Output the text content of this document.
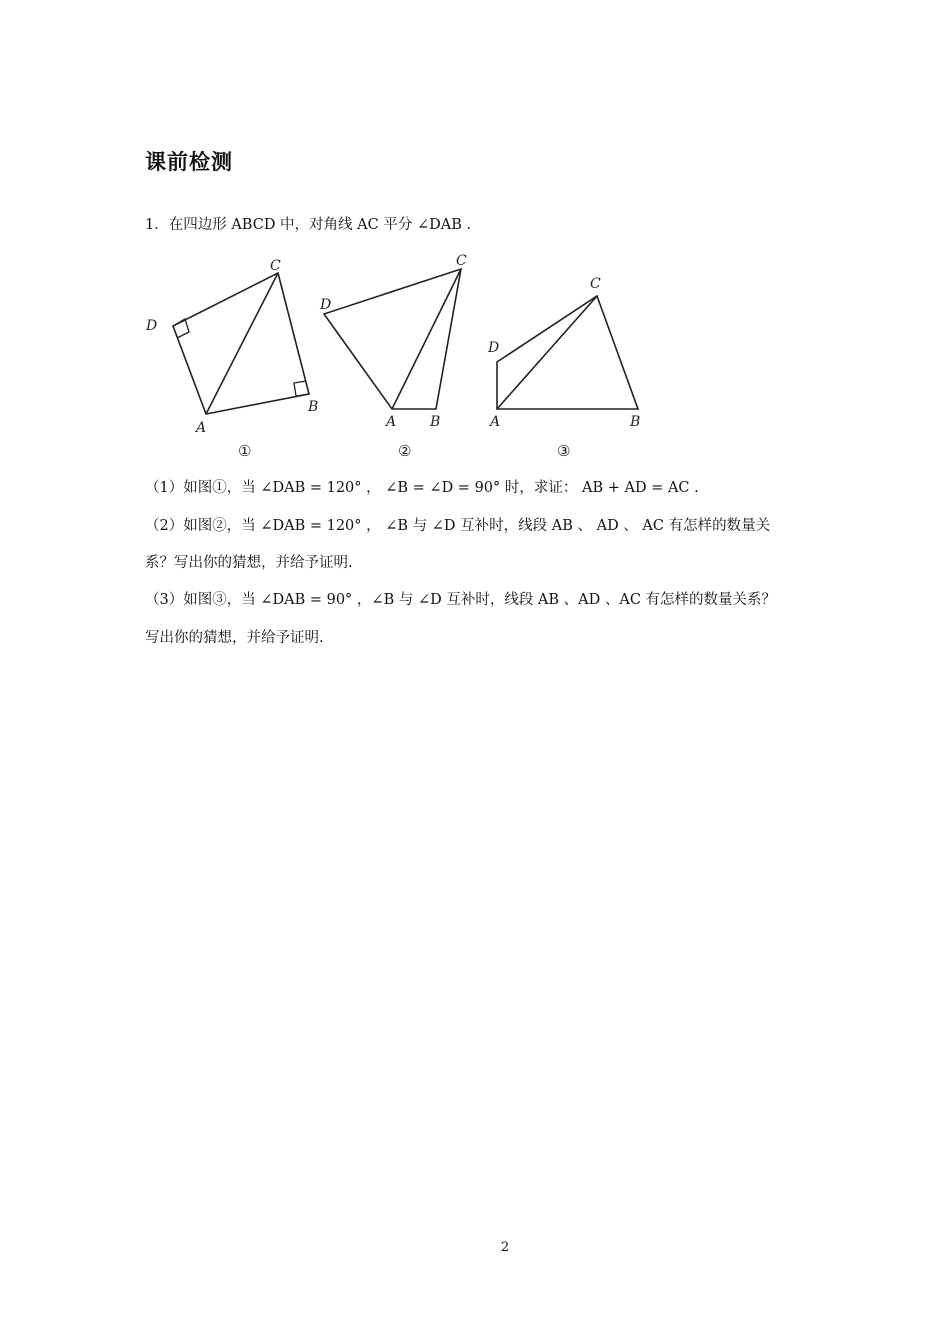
课前检测
1．在四边形 ABCD 中，对角线 AC 平分 ∠DAB .
C
D
B
A
①
C
D
B
A
②
C
D
B
A
③
（1）如图①，当 ∠DAB = 120° ， ∠B = ∠D = 90° 时，求证： AB + AD = AC .
（2）如图②，当 ∠DAB = 120° ， ∠B 与 ∠D 互补时，线段 AB 、 AD 、 AC 有怎样的数量关
系？写出你的猜想，并给予证明.
（3）如图③，当 ∠DAB = 90° ，∠B 与 ∠D 互补时，线段 AB 、AD 、AC 有怎样的数量关系？
写出你的猜想，并给予证明.
2
